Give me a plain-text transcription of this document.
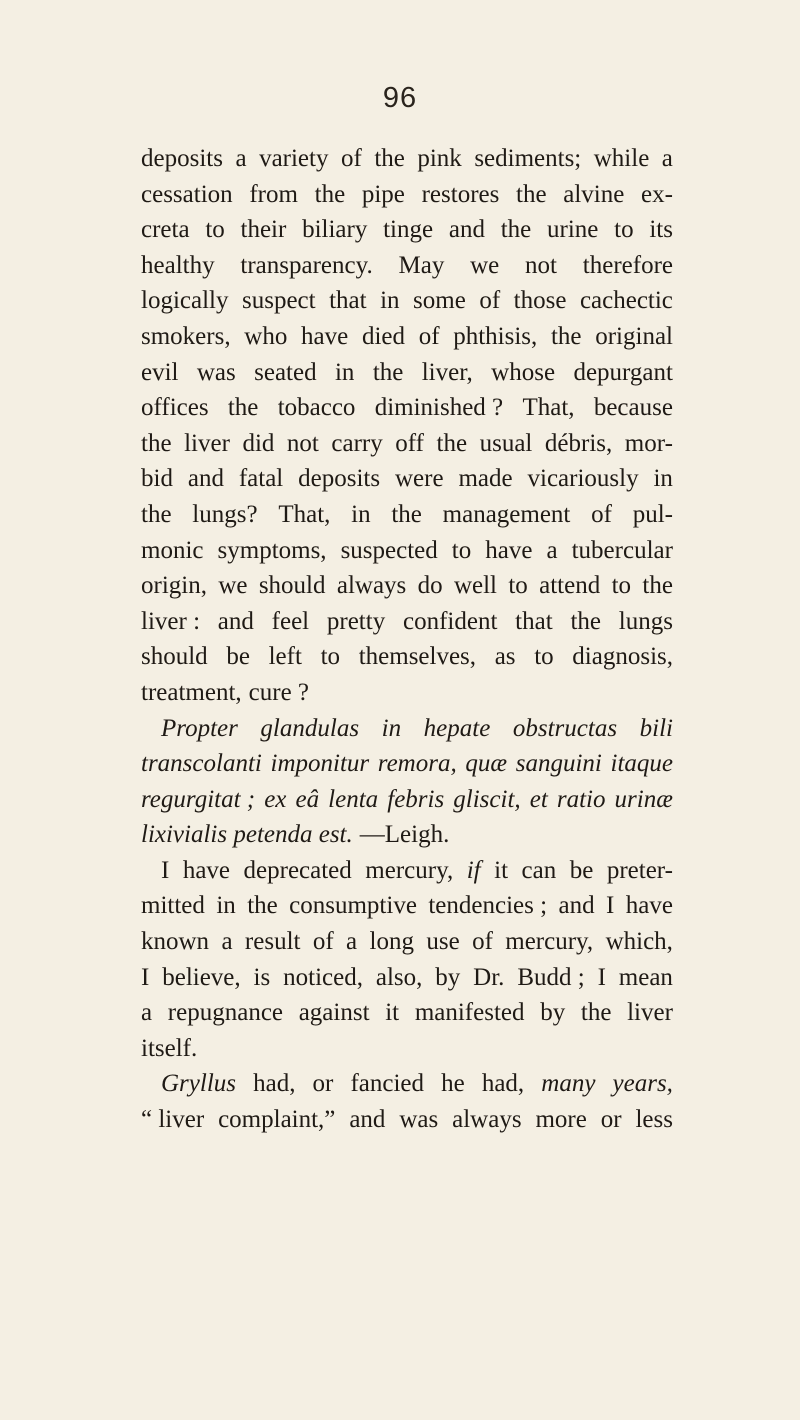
96
deposits a variety of the pink sediments; while a
cessation from the pipe restores the alvine ex-
creta to their biliary tinge and the urine to its
healthy transparency. May we not therefore
logically suspect that in some of those cachectic
smokers, who have died of phthisis, the original
evil was seated in the liver, whose depurgant
offices the tobacco diminished ? That, because
the liver did not carry off the usual débris, mor-
bid and fatal deposits were made vicariously in
the lungs? That, in the management of pul-
monic symptoms, suspected to have a tubercular
origin, we should always do well to attend to the
liver : and feel pretty confident that the lungs
should be left to themselves, as to diagnosis,
treatment, cure ?
Propter glandulas in hepate obstructas bili
transcolanti imponitur remora, quæ sanguini itaque
regurgitat ; ex eâ lenta febris gliscit, et ratio urinæ
lixivialis petenda est. —Leigh.
I have deprecated mercury, if it can be preter-
mitted in the consumptive tendencies ; and I have
known a result of a long use of mercury, which,
I believe, is noticed, also, by Dr. Budd ; I mean
a repugnance against it manifested by the liver
itself.
Gryllus had, or fancied he had, many years,
“ liver complaint,” and was always more or less
